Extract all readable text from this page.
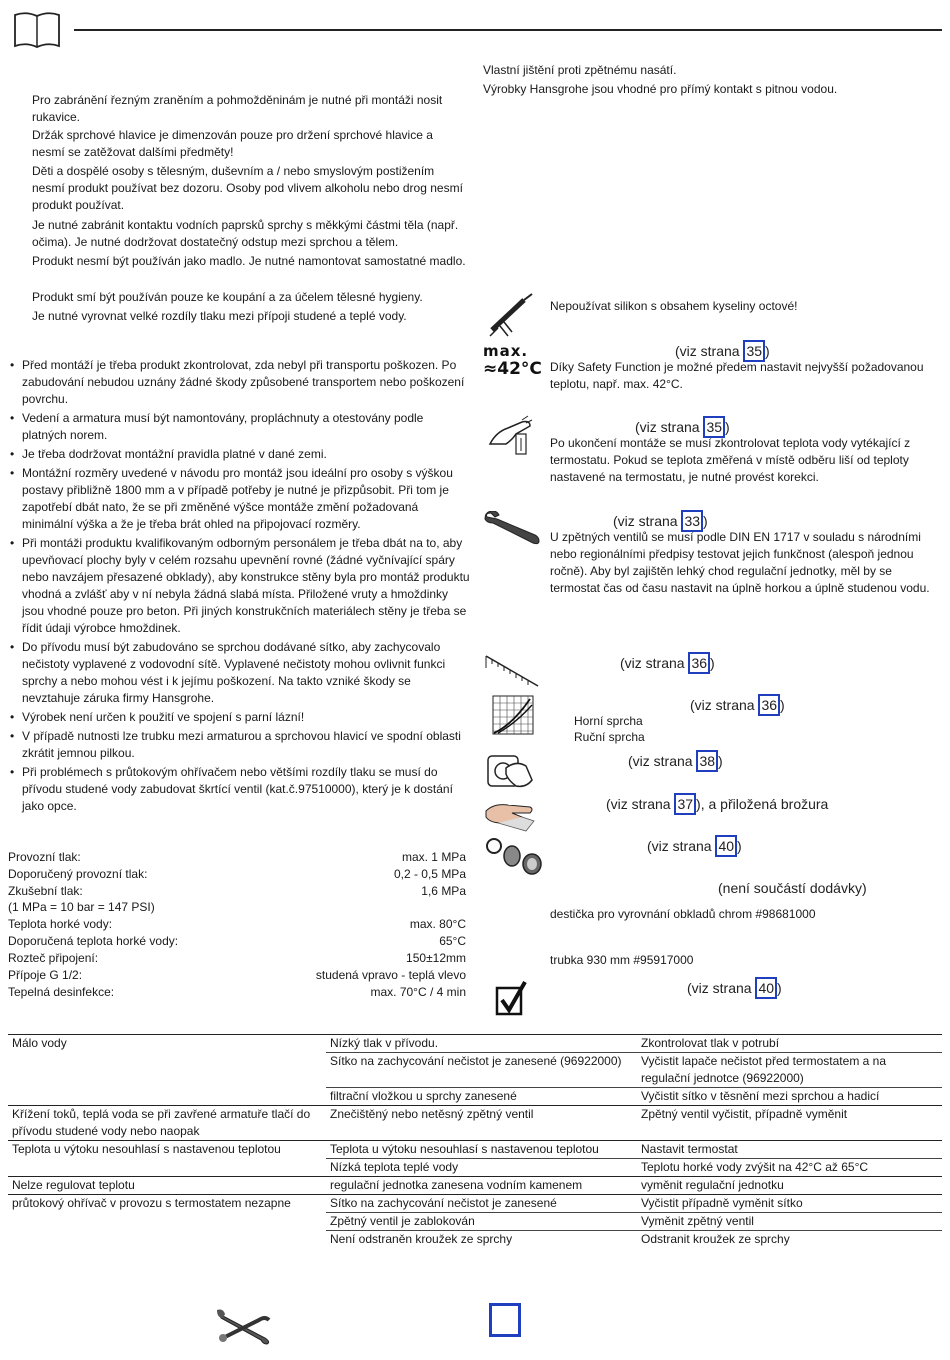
Pro zabránění řezným zraněním a pohmožděninám je nutné při montáži nosit rukavice.
Držák sprchové hlavice je dimenzován pouze pro držení sprchové hlavice a nesmí se zatěžovat dalšími předměty!
Děti a dospělé osoby s tělesným, duševním a / nebo smyslovým postižením nesmí produkt používat bez dozoru. Osoby pod vlivem alkoholu nebo drog nesmí produkt používat.
Je nutné zabránit kontaktu vodních paprsků sprchy s měkkými částmi těla (např. očima). Je nutné dodržovat dostatečný odstup mezi sprchou a tělem.
Produkt nesmí být používán jako madlo. Je nutné namontovat samostatné madlo.
Produkt smí být používán pouze ke koupání a za účelem tělesné hygieny.
Je nutné vyrovnat velké rozdíly tlaku mezi přípoji studené a teplé vody.
• Před montáží je třeba produkt zkontrolovat, zda nebyl při transportu poškozen. Po zabudování nebudou uznány žádné škody způsobené transportem nebo poškození povrchu.
• Vedení a armatura musí být namontovány, propláchnuty a otestovány podle platných norem.
• Je třeba dodržovat montážní pravidla platné v dané zemi.
• Montážní rozměry uvedené v návodu pro montáž jsou ideální pro osoby s výškou postavy přibližně 1800 mm a v případě potřeby je nutné je přizpůsobit. Při tom je zapotřebí dbát nato, že se při změněné výšce montáže změní požadovaná minimální výška a že je třeba brát ohled na připojovací rozměry.
• Při montáži produktu kvalifikovaným odborným personálem je třeba dbát na to, aby upevňovací plochy byly v celém rozsahu upevnění rovné (žádné vyčnívající spáry nebo navzájem přesazené obklady), aby konstrukce stěny byla pro montáž produktu vhodná a zvlášť aby v ní nebyla žádná slabá místa. Přiložené vruty a hmoždinky jsou vhodné pouze pro beton. Při jiných konstrukčních materiálech stěny je třeba se řídit údaji výrobce hmoždinek.
• Do přívodu musí být zabudováno se sprchou dodávané sítko, aby zachycovalo nečistoty vyplavené z vodovodní sítě. Vyplavené nečistoty mohou ovlivnit funkci sprchy a nebo mohou vést i k jejímu poškození. Na takto vzniké škody se nevztahuje záruka firmy Hansgrohe.
• Výrobek není určen k použití ve spojení s parní lázní!
• V případě nutnosti lze trubku mezi armaturou a sprchovou hlavicí ve spodní oblasti zkrátit jemnou pilkou.
• Při problémech s průtokovým ohřívačem nebo většími rozdíly tlaku se musí do přívodu studené vody zabudovat škrtící ventil (kat.č.97510000), který je k dostání jako opce.
Provozní tlak:	max. 1 MPa
Doporučený provozní tlak:	0,2 - 0,5 MPa
Zkušební tlak:	1,6 MPa
(1 MPa = 10 bar = 147 PSI)
Teplota horké vody:	max. 80°C
Doporučená teplota horké vody:	65°C
Rozteč připojení:	150±12mm
Přípoje G 1/2:	studená vpravo - teplá vlevo
Tepelná desinfekce:	max. 70°C / 4 min
Vlastní jištění proti zpětnému nasátí.
Výrobky Hansgrohe jsou vhodné pro přímý kontakt s pitnou vodou.
Nepoužívat silikon s obsahem kyseliny octové!
max.
≈42°C
(viz strana 35 )
Díky Safety Function je možné předem nastavit nejvyšší požadovanou teplotu, např. max. 42°C.
(viz strana 35 )
Po ukončení montáže se musí zkontrolovat teplota vody vytékající z termostatu. Pokud se teplota změřená v místě odběru liší od teploty nastavené na termostatu, je nutné provést korekci.
(viz strana 33 )
U zpětných ventilů se musí podle DIN EN 1717 v souladu s národními nebo regionálními předpisy testovat jejich funkčnost (alespoň jednou ročně). Aby byl zajištěn lehký chod regulační jednotky, měl by se termostat čas od času nastavit na úplně horkou a úplně studenou vodu.
(viz strana 36 )
(viz strana 36 )
Horní sprcha
Ruční sprcha
(viz strana 38 )
(viz strana 37 ), a přiložená brožura
(viz strana 40 )
(není součástí dodávky)
destička pro vyrovnání obkladů chrom #98681000
trubka 930 mm #95917000
(viz strana 40 )
Málo vody	Nízký tlak v přívodu.	Zkontrolovat tlak v potrubí
	Sítko na zachycování nečistot je zanesené (96922000)	Vyčistit lapače nečistot před termostatem a na regulační jednotce (96922000)
	filtrační vložkou u sprchy zanesené	Vyčistit sítko v těsnění mezi sprchou a hadicí
Křížení toků, teplá voda se při zavřené armatuře tlačí do přívodu studené vody nebo naopak	Znečištěný nebo netěsný zpětný ventil	Zpětný ventil vyčistit, případně vyměnit
Teplota u výtoku nesouhlasí s nastavenou teplotou	Teplota u výtoku nesouhlasí s nastavenou teplotou	Nastavit termostat
	Nízká teplota teplé vody	Teplotu horké vody zvýšit na 42°C až 65°C
Nelze regulovat teplotu	regulační jednotka zanesena vodním kamenem	vyměnit regulační jednotku
průtokový ohřívač v provozu s termostatem nezapne	Sítko na zachycování nečistot je zanesené	Vyčistit případně vyměnit sítko
	Zpětný ventil je zablokován	Vyměnit zpětný ventil
	Není odstraněn kroužek ze sprchy	Odstranit kroužek ze sprchy
